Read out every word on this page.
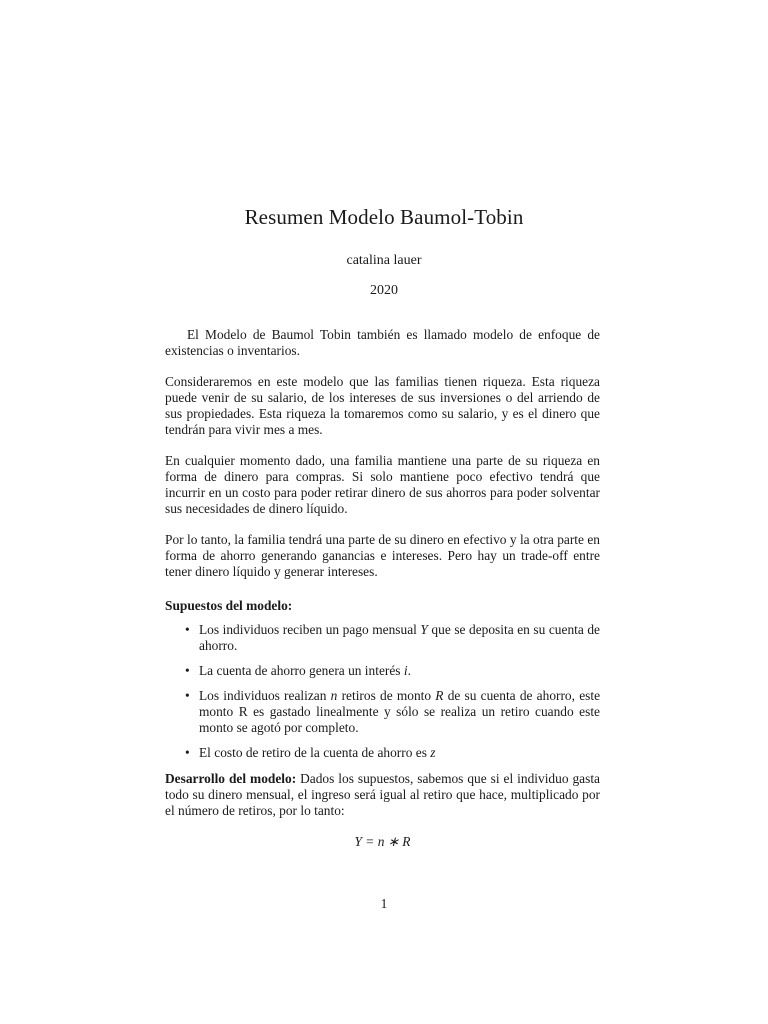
Resumen Modelo Baumol-Tobin
catalina lauer
2020

El Modelo de Baumol Tobin también es llamado modelo de enfoque de existencias o inventarios.

Consideraremos en este modelo que las familias tienen riqueza. Esta riqueza puede venir de su salario, de los intereses de sus inversiones o del arriendo de sus propiedades. Esta riqueza la tomaremos como su salario, y es el dinero que tendrán para vivir mes a mes.

En cualquier momento dado, una familia mantiene una parte de su riqueza en forma de dinero para compras. Si solo mantiene poco efectivo tendrá que incurrir en un costo para poder retirar dinero de sus ahorros para poder solventar sus necesidades de dinero líquido.

Por lo tanto, la familia tendrá una parte de su dinero en efectivo y la otra parte en forma de ahorro generando ganancias e intereses. Pero hay un trade-off entre tener dinero líquido y generar intereses.

Supuestos del modelo:
• Los individuos reciben un pago mensual Y que se deposita en su cuenta de ahorro.
• La cuenta de ahorro genera un interés i.
• Los individuos realizan n retiros de monto R de su cuenta de ahorro, este monto R es gastado linealmente y sólo se realiza un retiro cuando este monto se agotó por completo.
• El costo de retiro de la cuenta de ahorro es z

Desarrollo del modelo: Dados los supuestos, sabemos que si el individuo gasta todo su dinero mensual, el ingreso será igual al retiro que hace, multiplicado por el número de retiros, por lo tanto:

Y = n ∗ R
1
